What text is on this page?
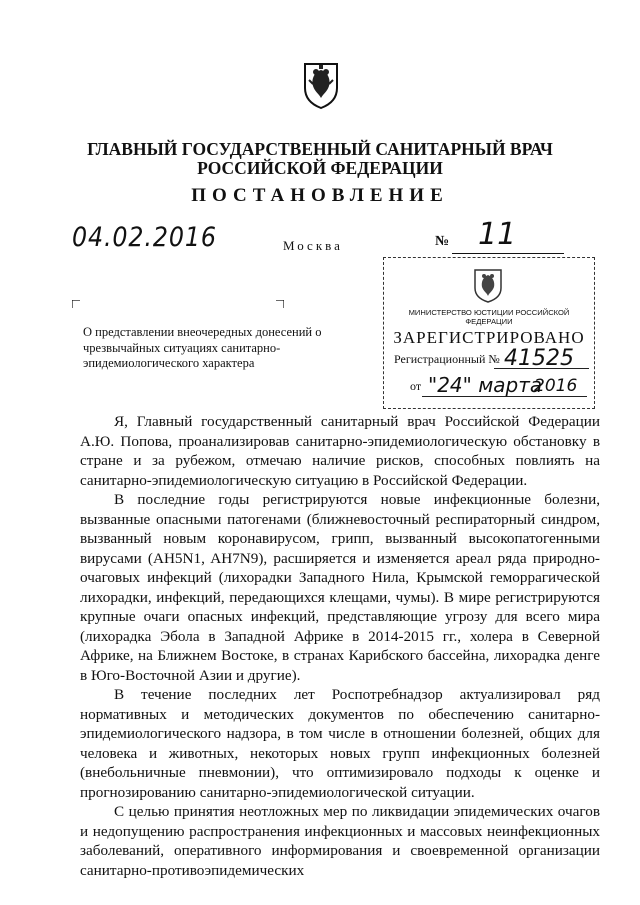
ГЛАВНЫЙ ГОСУДАРСТВЕННЫЙ САНИТАРНЫЙ ВРАЧ
РОССИЙСКОЙ ФЕДЕРАЦИИ
ПОСТАНОВЛЕНИЕ
04.02.2016	Москва	№ 11
МИНИСТЕРСТВО ЮСТИЦИИ РОССИЙСКОЙ ФЕДЕРАЦИИ
ЗАРЕГИСТРИРОВАНО
Регистрационный № 41525
от "24" марта
2016
О представлении внеочередных донесений о чрезвычайных ситуациях санитарно-эпидемиологического характера

Я, Главный государственный санитарный врач Российской Федерации А.Ю. Попова, проанализировав санитарно-эпидемиологическую обстановку в стране и за рубежом, отмечаю наличие рисков, способных повлиять на санитарно-эпидемиологическую ситуацию в Российской Федерации.

В последние годы регистрируются новые инфекционные болезни, вызванные опасными патогенами (ближневосточный респираторный синдром, вызванный новым коронавирусом, грипп, вызванный высокопатогенными вирусами (AH5N1, AH7N9), расширяется и изменяется ареал ряда природно-очаговых инфекций (лихорадки Западного Нила, Крымской геморрагической лихорадки, инфекций, передающихся клещами, чумы). В мире регистрируются крупные очаги опасных инфекций, представляющие угрозу для всего мира (лихорадка Эбола в Западной Африке в 2014-2015 гг., холера в Северной Африке, на Ближнем Востоке, в странах Карибского бассейна, лихорадка денге в Юго-Восточной Азии и другие).

В течение последних лет Роспотребнадзор актуализировал ряд нормативных и методических документов по обеспечению санитарно-эпидемиологического надзора, в том числе в отношении болезней, общих для человека и животных, некоторых новых групп инфекционных болезней (внебольничные пневмонии), что оптимизировало подходы к оценке и прогнозированию санитарно-эпидемиологической ситуации.

С целью принятия неотложных мер по ликвидации эпидемических очагов и недопущению распространения инфекционных и массовых неинфекционных заболеваний, оперативного информирования и своевременной организации санитарно-противоэпидемических
